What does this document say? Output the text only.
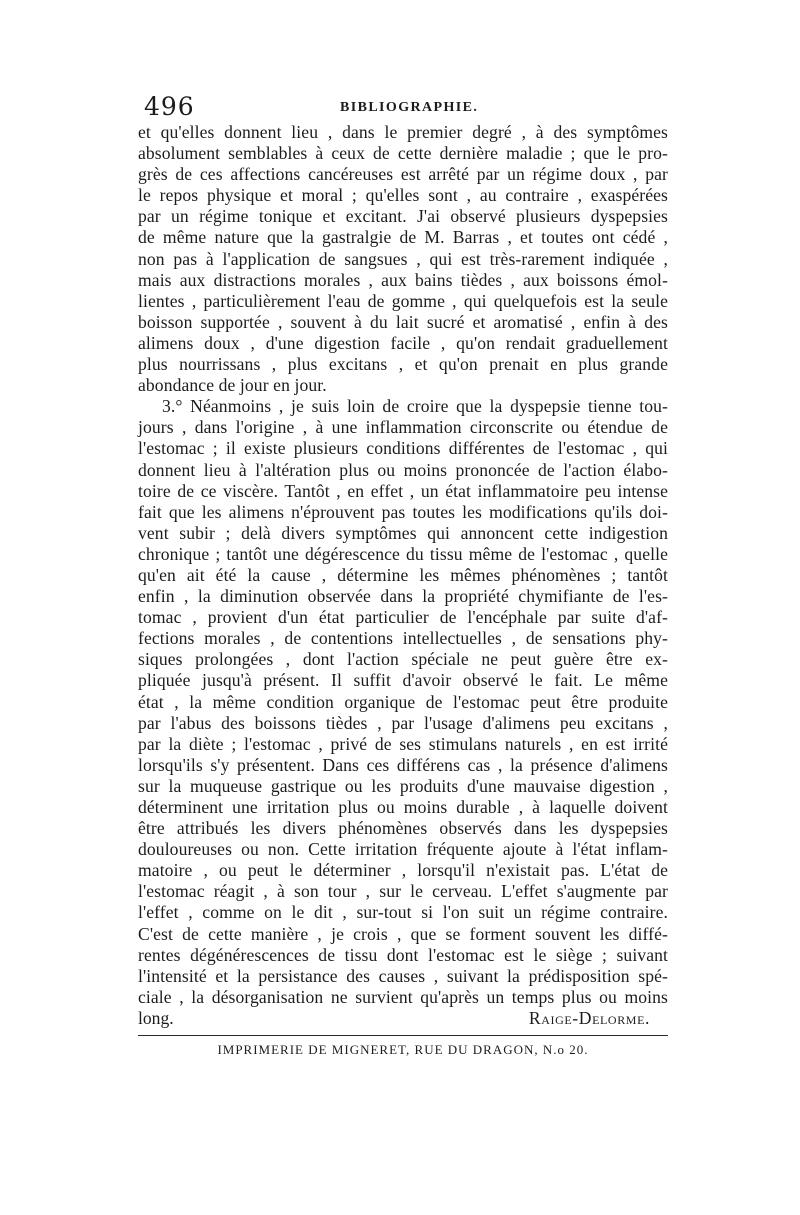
496	BIBLIOGRAPHIE.
et qu'elles donnent lieu , dans le premier degré , à des symptômes
absolument semblables à ceux de cette dernière maladie ; que le pro-
grès de ces affections cancéreuses est arrêté par un régime doux , par
le repos physique et moral ; qu'elles sont , au contraire , exaspérées
par un régime tonique et excitant. J'ai observé plusieurs dyspepsies
de même nature que la gastralgie de M. Barras , et toutes ont cédé ,
non pas à l'application de sangsues , qui est très-rarement indiquée ,
mais aux distractions morales , aux bains tièdes , aux boissons émol-
lientes , particulièrement l'eau de gomme , qui quelquefois est la seule
boisson supportée , souvent à du lait sucré et aromatisé , enfin à des
alimens doux , d'une digestion facile , qu'on rendait graduellement
plus nourrissans , plus excitans , et qu'on prenait en plus grande
abondance de jour en jour.
3.° Néanmoins , je suis loin de croire que la dyspepsie tienne tou-
jours , dans l'origine , à une inflammation circonscrite ou étendue de
l'estomac ; il existe plusieurs conditions différentes de l'estomac , qui
donnent lieu à l'altération plus ou moins prononcée de l'action élabo-
toire de ce viscère. Tantôt , en effet , un état inflammatoire peu intense
fait que les alimens n'éprouvent pas toutes les modifications qu'ils doi-
vent subir ; delà divers symptômes qui annoncent cette indigestion
chronique ; tantôt une dégérescence du tissu même de l'estomac , quelle
qu'en ait été la cause , détermine les mêmes phénomènes ; tantôt
enfin , la diminution observée dans la propriété chymifiante de l'es-
tomac , provient d'un état particulier de l'encéphale par suite d'af-
fections morales , de contentions intellectuelles , de sensations phy-
siques prolongées , dont l'action spéciale ne peut guère être ex-
pliquée jusqu'à présent. Il suffit d'avoir observé le fait. Le même
état , la même condition organique de l'estomac peut être produite
par l'abus des boissons tièdes , par l'usage d'alimens peu excitans ,
par la diète ; l'estomac , privé de ses stimulans naturels , en est irrité
lorsqu'ils s'y présentent. Dans ces différens cas , la présence d'alimens
sur la muqueuse gastrique ou les produits d'une mauvaise digestion ,
déterminent une irritation plus ou moins durable , à laquelle doivent
être attribués les divers phénomènes observés dans les dyspepsies
douloureuses ou non. Cette irritation fréquente ajoute à l'état inflam-
matoire , ou peut le déterminer , lorsqu'il n'existait pas. L'état de
l'estomac réagit , à son tour , sur le cerveau. L'effet s'augmente par
l'effet , comme on le dit , sur-tout si l'on suit un régime contraire.
C'est de cette manière , je crois , que se forment souvent les diffé-
rentes dégénérescences de tissu dont l'estomac est le siège ; suivant
l'intensité et la persistance des causes , suivant la prédisposition spé-
ciale , la désorganisation ne survient qu'après un temps plus ou moins
long.	Raige-Delorme.
IMPRIMERIE DE MIGNERET, RUE DU DRAGON, N.o 20.
